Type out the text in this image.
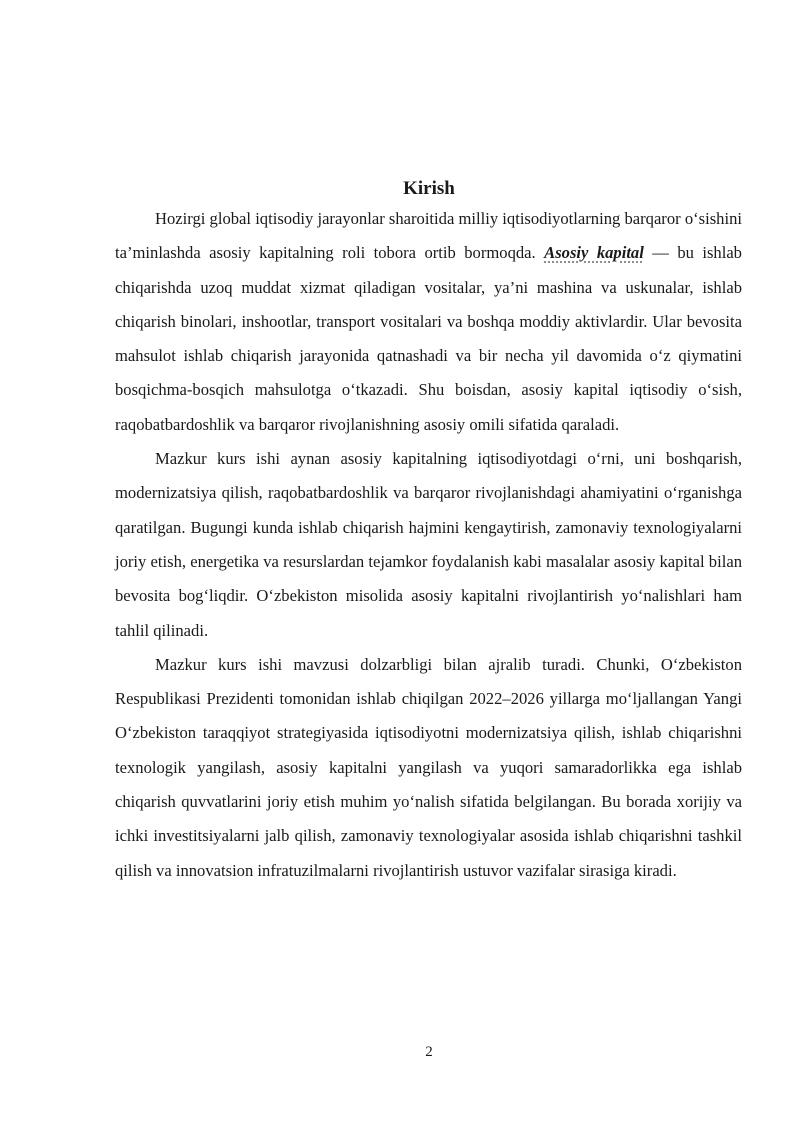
Kirish

Hozirgi global iqtisodiy jarayonlar sharoitida milliy iqtisodiyotlarning barqaror o‘sishini ta’minlashda asosiy kapitalning roli tobora ortib bormoqda. Asosiy kapital — bu ishlab chiqarishda uzoq muddat xizmat qiladigan vositalar, ya’ni mashina va uskunalar, ishlab chiqarish binolari, inshootlar, transport vositalari va boshqa moddiy aktivlardir. Ular bevosita mahsulot ishlab chiqarish jarayonida qatnashadi va bir necha yil davomida o‘z qiymatini bosqichma-bosqich mahsulotga o‘tkazadi. Shu boisdan, asosiy kapital iqtisodiy o‘sish, raqobatbardoshlik va barqaror rivojlanishning asosiy omili sifatida qaraladi.

Mazkur kurs ishi aynan asosiy kapitalning iqtisodiyotdagi o‘rni, uni boshqarish, modernizatsiya qilish, raqobatbardoshlik va barqaror rivojlanishdagi ahamiyatini o‘rganishga qaratilgan. Bugungi kunda ishlab chiqarish hajmini kengaytirish, zamonaviy texnologiyalarni joriy etish, energetika va resurslardan tejamkor foydalanish kabi masalalar asosiy kapital bilan bevosita bog‘liqdir. O‘zbekiston misolida asosiy kapitalni rivojlantirish yo‘nalishlari ham tahlil qilinadi.

Mazkur kurs ishi mavzusi dolzarbligi bilan ajralib turadi. Chunki, O‘zbekiston Respublikasi Prezidenti tomonidan ishlab chiqilgan 2022–2026 yillarga mo‘ljallangan Yangi O‘zbekiston taraqqiyot strategiyasida iqtisodiyotni modernizatsiya qilish, ishlab chiqarishni texnologik yangilash, asosiy kapitalni yangilash va yuqori samaradorlikka ega ishlab chiqarish quvvatlarini joriy etish muhim yo‘nalish sifatida belgilangan. Bu borada xorijiy va ichki investitsiyalarni jalb qilish, zamonaviy texnologiyalar asosida ishlab chiqarishni tashkil qilish va innovatsion infratuzilmalarni rivojlantirish ustuvor vazifalar sirasiga kiradi.

2
